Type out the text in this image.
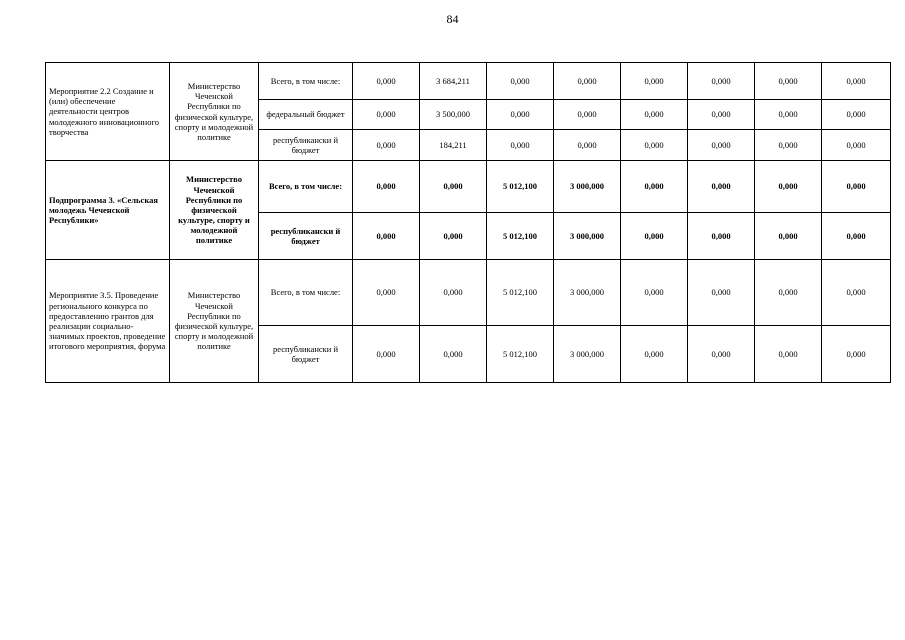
84
Мероприятие 2.2 Создание и (или) обеспечение деятельности центров молодежного инновационного творчества	Министерство Чеченской Республики по физической культуре, спорту и молодежной политике	Всего, в том числе:	0,000	3 684,211	0,000	0,000	0,000	0,000	0,000	0,000
		федеральный бюджет	0,000	3 500,000	0,000	0,000	0,000	0,000	0,000	0,000
		республикански й бюджет	0,000	184,211	0,000	0,000	0,000	0,000	0,000	0,000
Подпрограмма 3. «Сельская молодежь Чеченской Республики»	Министерство Чеченской Республики по физической культуре, спорту и молодежной политике	Всего, в том числе:	0,000	0,000	5 012,100	3 000,000	0,000	0,000	0,000	0,000
		республикански й бюджет	0,000	0,000	5 012,100	3 000,000	0,000	0,000	0,000	0,000
Мероприятие 3.5. Проведение регионального конкурса по предоставлению грантов для реализации социально-значимых проектов, проведение итогового мероприятия, форума	Министерство Чеченской Республики по физической культуре, спорту и молодежной политике	Всего, в том числе:	0,000	0,000	5 012,100	3 000,000	0,000	0,000	0,000	0,000
		республикански й бюджет	0,000	0,000	5 012,100	3 000,000	0,000	0,000	0,000	0,000
